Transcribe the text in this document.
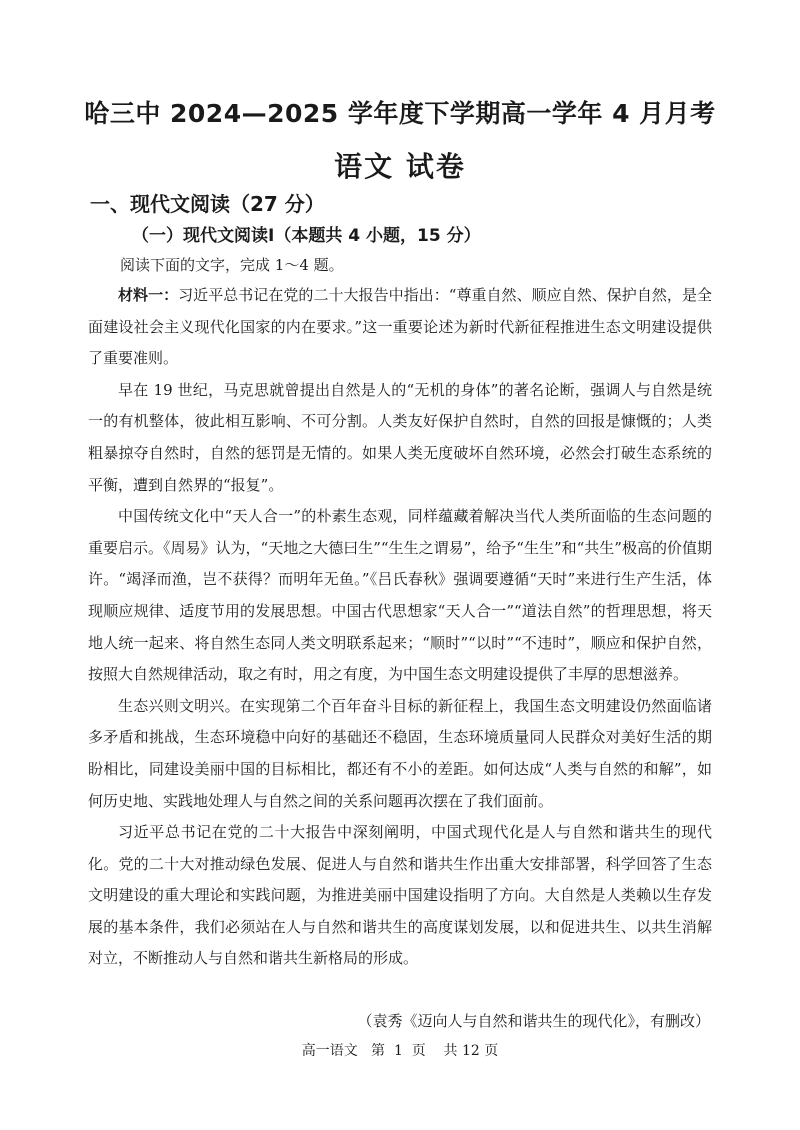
哈三中 2024—2025 学年度下学期高一学年 4 月月考
语文 试卷
一、现代文阅读（27 分）
（一）现代文阅读Ⅰ（本题共 4 小题，15 分）
阅读下面的文字，完成 1～4 题。

材料一：习近平总书记在党的二十大报告中指出：“尊重自然、顺应自然、保护自然，是全面建设社会主义现代化国家的内在要求。”这一重要论述为新时代新征程推进生态文明建设提供了重要准则。

早在 19 世纪，马克思就曾提出自然是人的“无机的身体”的著名论断，强调人与自然是统一的有机整体，彼此相互影响、不可分割。人类友好保护自然时，自然的回报是慷慨的；人类粗暴掠夺自然时，自然的惩罚是无情的。如果人类无度破坏自然环境，必然会打破生态系统的平衡，遭到自然界的“报复”。

中国传统文化中“天人合一”的朴素生态观，同样蕴藏着解决当代人类所面临的生态问题的重要启示。《周易》认为，“天地之大德曰生”“生生之谓易”，给予“生生”和“共生”极高的价值期许。“竭泽而渔，岂不获得？而明年无鱼。”《吕氏春秋》强调要遵循“天时”来进行生产生活，体现顺应规律、适度节用的发展思想。中国古代思想家“天人合一”“道法自然”的哲理思想，将天地人统一起来、将自然生态同人类文明联系起来；“顺时”“以时”“不违时”，顺应和保护自然，按照大自然规律活动，取之有时，用之有度，为中国生态文明建设提供了丰厚的思想滋养。

生态兴则文明兴。在实现第二个百年奋斗目标的新征程上，我国生态文明建设仍然面临诸多矛盾和挑战，生态环境稳中向好的基础还不稳固，生态环境质量同人民群众对美好生活的期盼相比，同建设美丽中国的目标相比，都还有不小的差距。如何达成“人类与自然的和解”，如何历史地、实践地处理人与自然之间的关系问题再次摆在了我们面前。

习近平总书记在党的二十大报告中深刻阐明，中国式现代化是人与自然和谐共生的现代化。党的二十大对推动绿色发展、促进人与自然和谐共生作出重大安排部署，科学回答了生态文明建设的重大理论和实践问题，为推进美丽中国建设指明了方向。大自然是人类赖以生存发展的基本条件，我们必须站在人与自然和谐共生的高度谋划发展，以和促进共生、以共生消解对立，不断推动人与自然和谐共生新格局的形成。

（袁秀《迈向人与自然和谐共生的现代化》，有删改）
高一语文   第  1  页    共 12 页
